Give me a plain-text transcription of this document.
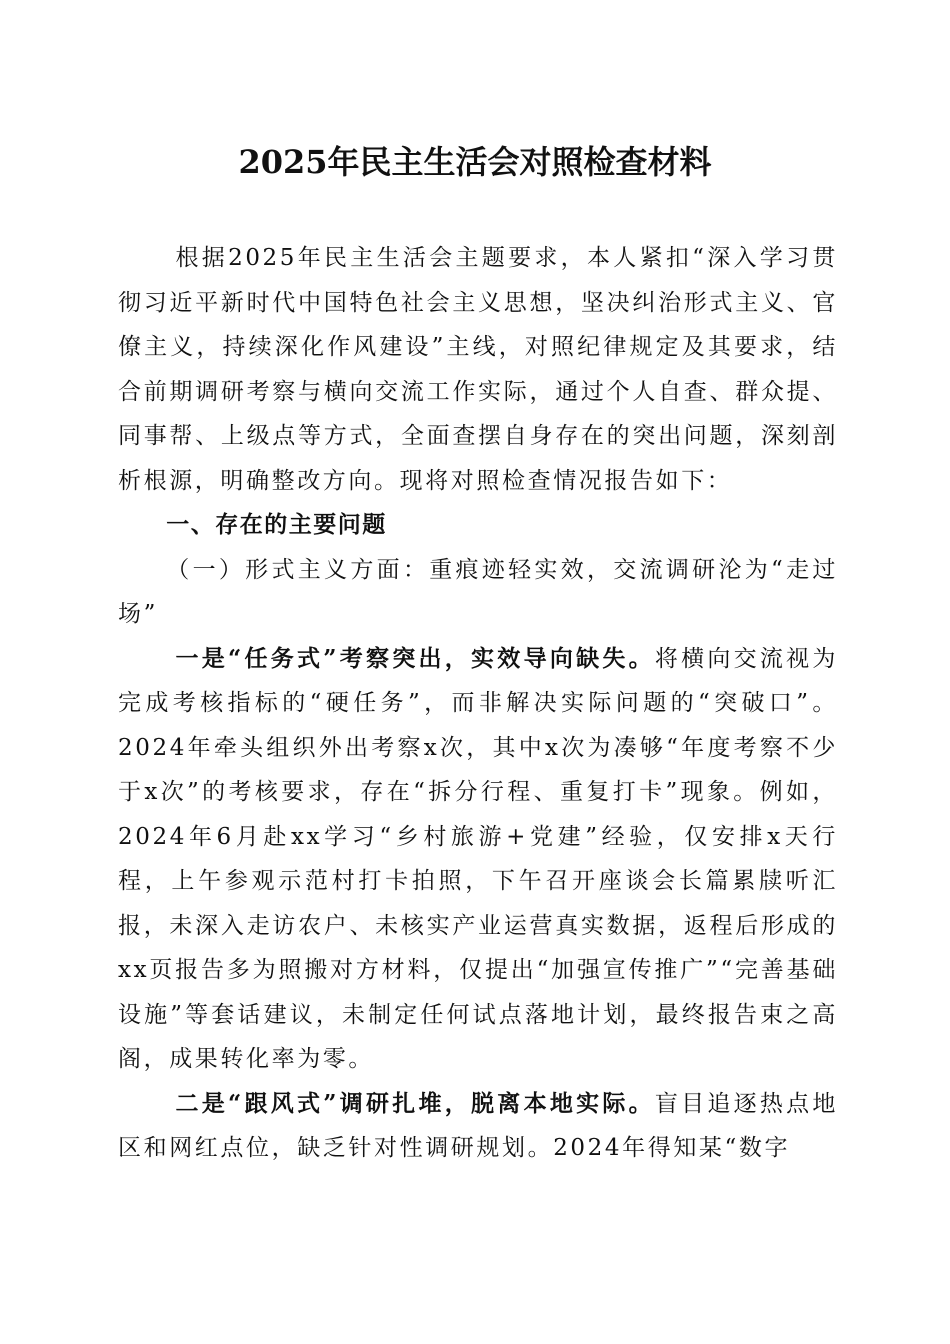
2025年民主生活会对照检查材料

根据2025年民主生活会主题要求，本人紧扣“深入学习贯彻习近平新时代中国特色社会主义思想，坚决纠治形式主义、官僚主义，持续深化作风建设”主线，对照纪律规定及其要求，结合前期调研考察与横向交流工作实际，通过个人自查、群众提、同事帮、上级点等方式，全面查摆自身存在的突出问题，深刻剖析根源，明确整改方向。现将对照检查情况报告如下：

一、存在的主要问题

（一）形式主义方面：重痕迹轻实效，交流调研沦为“走过场”

一是“任务式”考察突出，实效导向缺失。将横向交流视为完成考核指标的“硬任务”，而非解决实际问题的“突破口”。2024年牵头组织外出考察x次，其中x次为凑够“年度考察不少于x次”的考核要求，存在“拆分行程、重复打卡”现象。例如，2024年6月赴xx学习“乡村旅游+党建”经验，仅安排x天行程，上午参观示范村打卡拍照，下午召开座谈会长篇累牍听汇报，未深入走访农户、未核实产业运营真实数据，返程后形成的xx页报告多为照搬对方材料，仅提出“加强宣传推广”“完善基础设施”等套话建议，未制定任何试点落地计划，最终报告束之高阁，成果转化率为零。

二是“跟风式”调研扎堆，脱离本地实际。盲目追逐热点地区和网红点位，缺乏针对性调研规划。2024年得知某“数字
